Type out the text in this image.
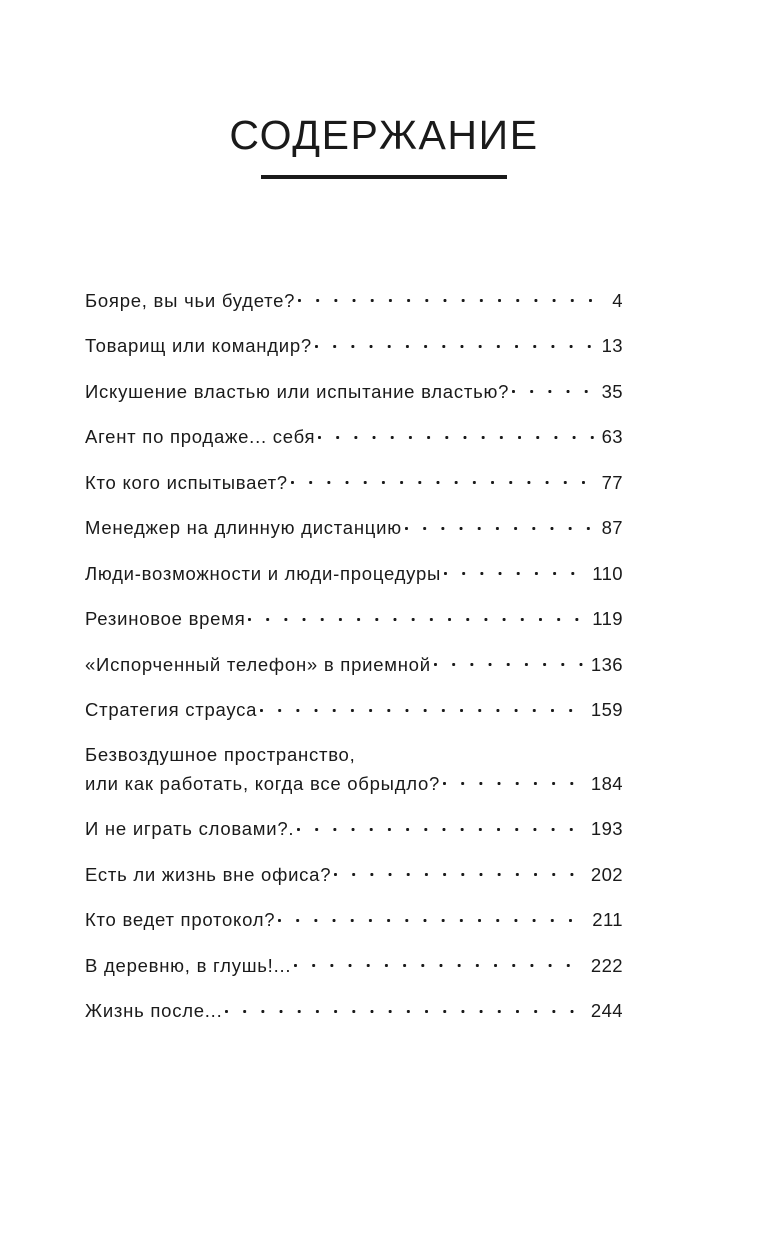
СОДЕРЖАНИЕ
Бояре, вы чьи будете?	4
Товарищ или командир?	13
Искушение властью или испытание властью?	35
Агент по продаже... себя	63
Кто кого испытывает?	77
Менеджер на длинную дистанцию	87
Люди-возможности и люди-процедуры	110
Резиновое время	119
«Испорченный телефон» в приемной	136
Стратегия страуса	159
Безвоздушное пространство,
или как работать, когда все обрыдло?	184
И не играть словами?.	193
Есть ли жизнь вне офиса?	202
Кто ведет протокол?	211
В деревню, в глушь!...	222
Жизнь после...	244
